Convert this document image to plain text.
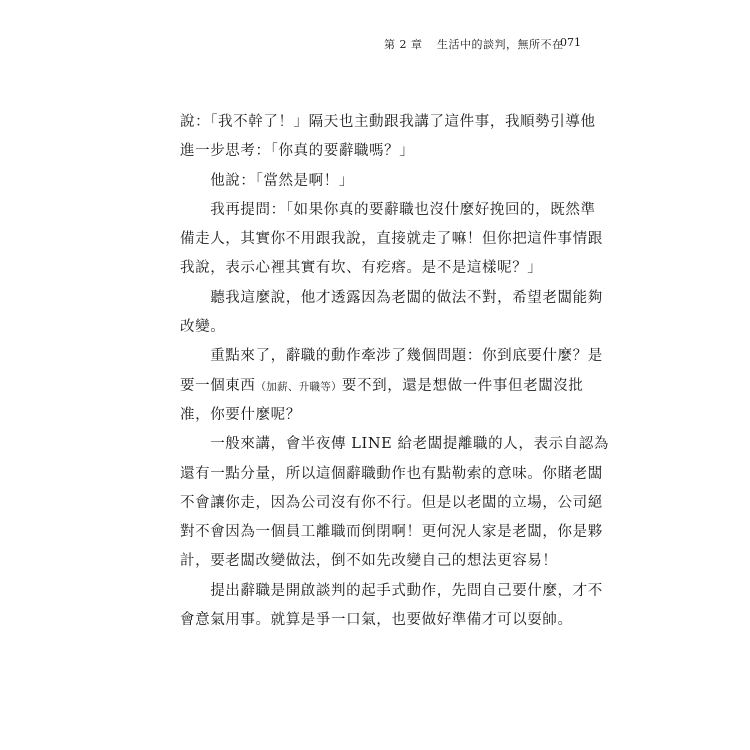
第 2 章 生活中的談判，無所不在
071
說：「我不幹了！」隔天也主動跟我講了這件事，我順勢引導他
進一步思考：「你真的要辭職嗎？」
　　他說：「當然是啊！」
　　我再提問：「如果你真的要辭職也沒什麼好挽回的，既然準
備走人，其實你不用跟我說，直接就走了嘛！但你把這件事情跟
我說，表示心裡其實有坎、有疙瘩。是不是這樣呢？」
　　聽我這麼說，他才透露因為老闆的做法不對，希望老闆能夠
改變。
　　重點來了，辭職的動作牽涉了幾個問題：你到底要什麼？是
要一個東西（加薪、升職等）要不到，還是想做一件事但老闆沒批
准，你要什麼呢？
　　一般來講，會半夜傳 LINE 給老闆提離職的人，表示自認為
還有一點分量，所以這個辭職動作也有點勒索的意味。你賭老闆
不會讓你走，因為公司沒有你不行。但是以老闆的立場，公司絕
對不會因為一個員工離職而倒閉啊！更何況人家是老闆，你是夥
計，要老闆改變做法，倒不如先改變自己的想法更容易！
　　提出辭職是開啟談判的起手式動作，先問自己要什麼，才不
會意氣用事。就算是爭一口氣，也要做好準備才可以耍帥。
